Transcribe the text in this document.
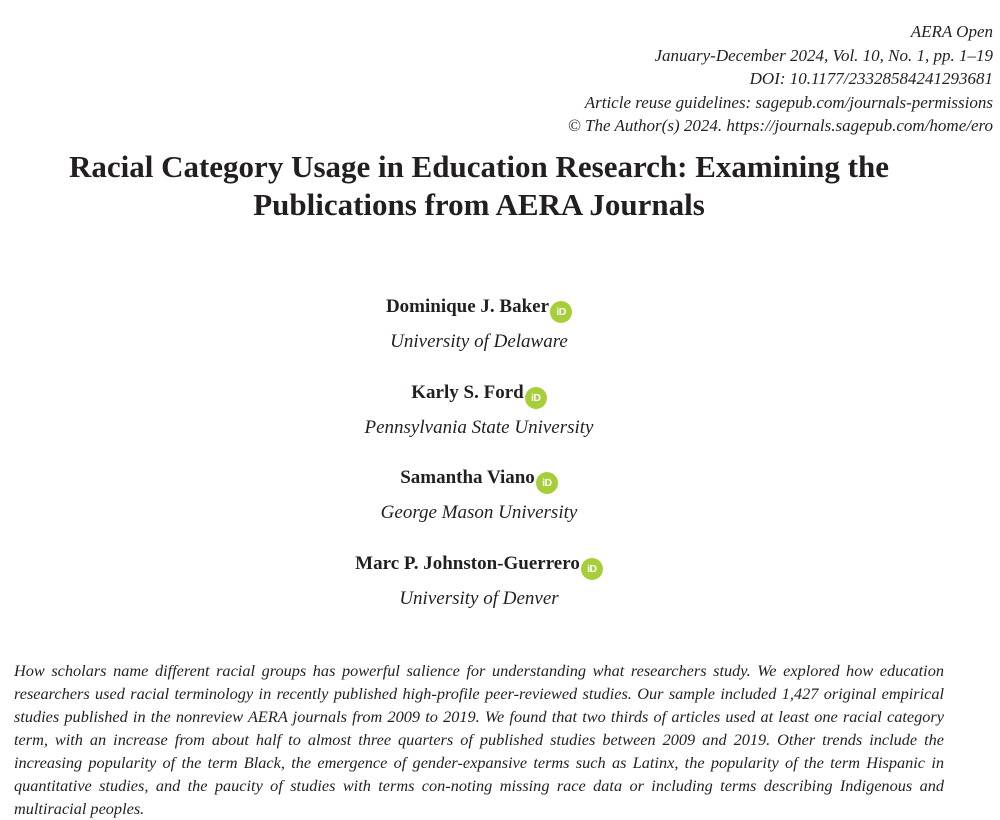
AERA Open
January-December 2024, Vol. 10, No. 1, pp. 1–19
DOI: 10.1177/23328584241293681
Article reuse guidelines: sagepub.com/journals-permissions
© The Author(s) 2024. https://journals.sagepub.com/home/ero
Racial Category Usage in Education Research: Examining the
Publications from AERA Journals
Dominique J. Baker iD
University of Delaware
Karly S. Ford iD
Pennsylvania State University
Samantha Viano iD
George Mason University
Marc P. Johnston-Guerrero iD
University of Denver

How scholars name different racial groups has powerful salience for understanding what researchers study. We explored how education researchers used racial terminology in recently published high-profile peer-reviewed studies. Our sample included 1,427 original empirical studies published in the nonreview AERA journals from 2009 to 2019. We found that two thirds of articles used at least one racial category term, with an increase from about half to almost three quarters of published studies between 2009 and 2019. Other trends include the increasing popularity of the term Black, the emergence of gender-expansive terms such as Latinx, the popularity of the term Hispanic in quantitative studies, and the paucity of studies with terms con-noting missing race data or including terms describing Indigenous and multiracial peoples.
